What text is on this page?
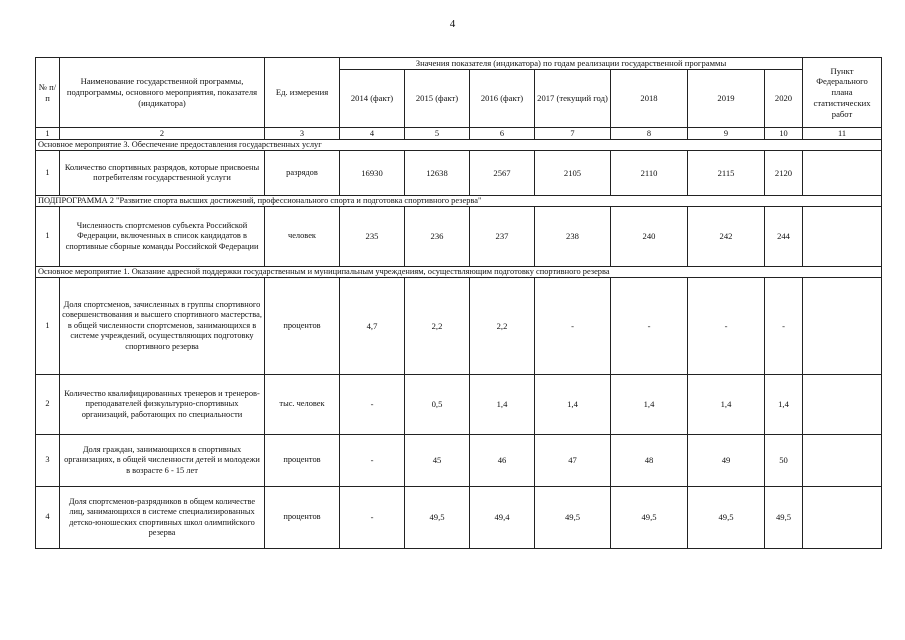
4
№ п/п	Наименование государственной программы, подпрограммы, основного мероприятия, показателя (индикатора)	Ед. измерения	Значения показателя (индикатора) по годам реализации государственной программы							Пункт Федерального плана статистических работ
			2014 (факт)	2015 (факт)	2016 (факт)	2017 (текущий год)	2018	2019	2020	
1	2	3	4	5	6	7	8	9	10	11
Основное мероприятие 3. Обеспечение предоставления государственных услуг										
1	Количество спортивных разрядов, которые присвоены потребителям государственной услуги	разрядов	16930	12638	2567	2105	2110	2115	2120	
ПОДПРОГРАММА 2 "Развитие спорта высших достижений, профессионального спорта и подготовка спортивного резерва"										
1	Численность спортсменов субъекта Российской Федерации, включенных в список кандидатов в спортивные сборные команды Российской Федерации	человек	235	236	237	238	240	242	244	
Основное мероприятие 1. Оказание адресной поддержки государственным и муниципальным учреждениям, осуществляющим подготовку спортивного резерва										
1	Доля спортсменов, зачисленных в группы спортивного совершенствования и высшего спортивного мастерства, в общей численности спортсменов, занимающихся в системе учреждений, осуществляющих подготовку спортивного резерва	процентов	4,7	2,2	2,2	-	-	-	-	
2	Количество квалифицированных тренеров и тренеров-преподавателей физкультурно-спортивных организаций, работающих по специальности	тыс. человек	-	0,5	1,4	1,4	1,4	1,4	1,4	
3	Доля граждан, занимающихся в спортивных организациях, в общей численности детей и молодежи в возрасте 6 - 15 лет	процентов	-	45	46	47	48	49	50	
4	Доля спортсменов-разрядников в общем количестве лиц, занимающихся в системе специализированных детско-юношеских спортивных школ олимпийского резерва	процентов	-	49,5	49,4	49,5	49,5	49,5	49,5	
